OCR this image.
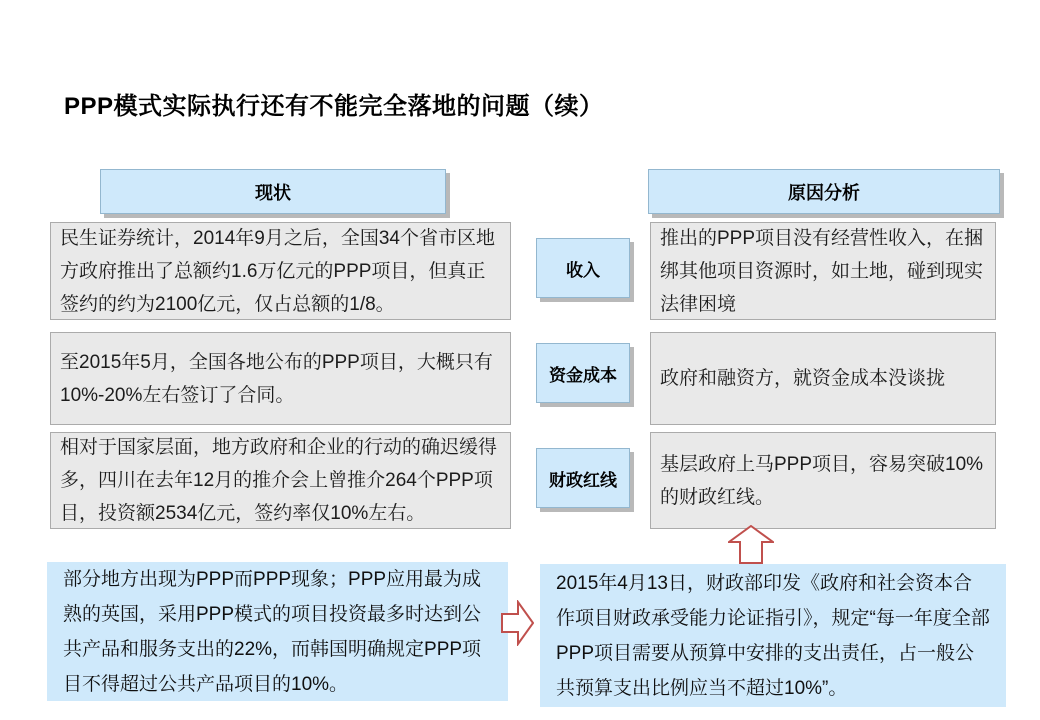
PPP模式实际执行还有不能完全落地的问题（续）
现状	原因分析
民生证券统计，2014年9月之后，全国34个省市区地方政府推出了总额约1.6万亿元的PPP项目，但真正签约的约为2100亿元，仅占总额的1/8。
收入
推出的PPP项目没有经营性收入，在捆绑其他项目资源时，如土地，碰到现实法律困境
至2015年5月，全国各地公布的PPP项目，大概只有10%-20%左右签订了合同。
资金成本	政府和融资方，就资金成本没谈拢
相对于国家层面，地方政府和企业的行动的确迟缓得多，四川在去年12月的推介会上曾推介264个PPP项目，投资额2534亿元，签约率仅10%左右。
财政红线
基层政府上马PPP项目，容易突破10%的财政红线。
部分地方出现为PPP而PPP现象；PPP应用最为成熟的英国，采用PPP模式的项目投资最多时达到公共产品和服务支出的22%，而韩国明确规定PPP项目不得超过公共产品项目的10%。
2015年4月13日，财政部印发《政府和社会资本合作项目财政承受能力论证指引》，规定“每一年度全部PPP项目需要从预算中安排的支出责任，占一般公共预算支出比例应当不超过10%”。
